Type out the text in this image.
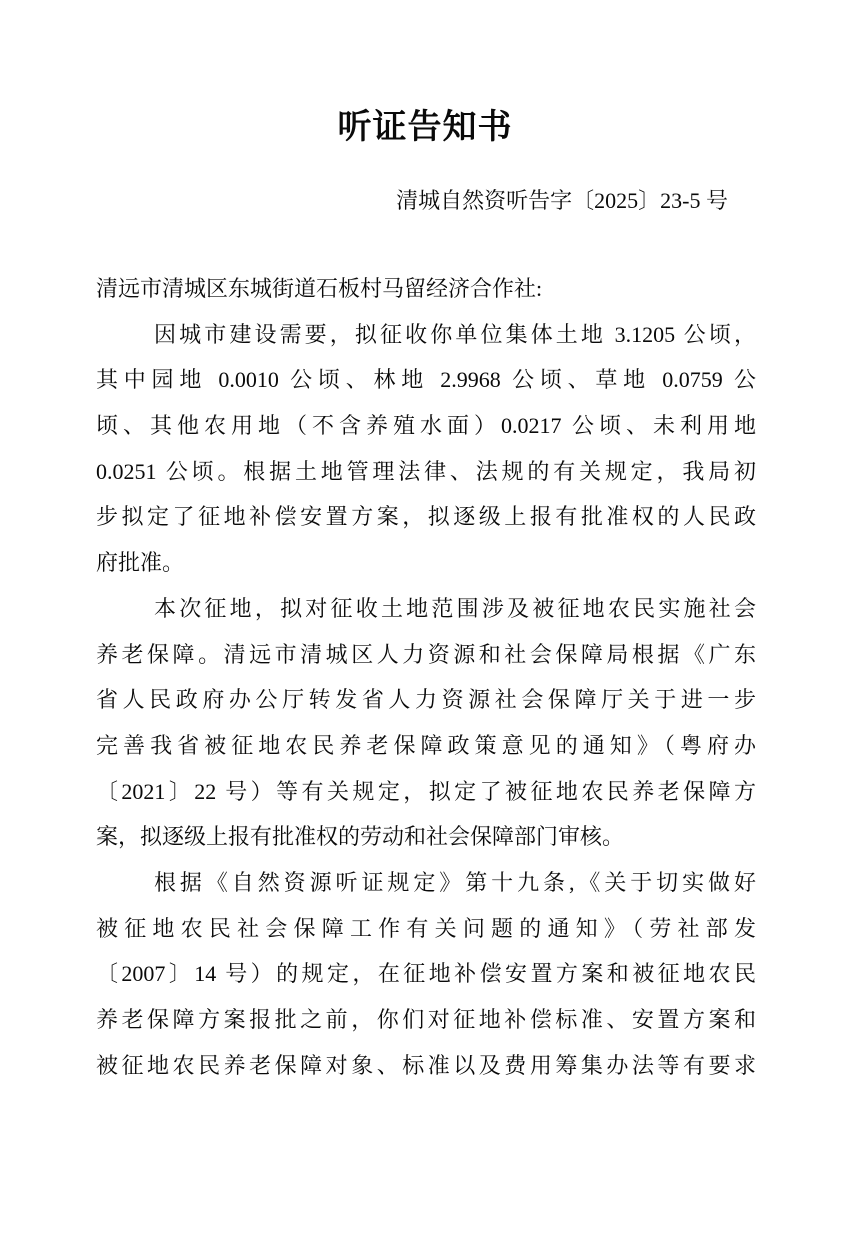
听证告知书
清城自然资听告字〔2025〕23-5 号
清远市清城区东城街道石板村马留经济合作社:
因城市建设需要，拟征收你单位集体土地 3.1205 公顷，
其中园地 0.0010 公顷、林地 2.9968 公顷、草地 0.0759 公
顷、其他农用地（不含养殖水面）0.0217 公顷、未利用地
0.0251 公顷。根据土地管理法律、法规的有关规定，我局初
步拟定了征地补偿安置方案，拟逐级上报有批准权的人民政
府批准。
本次征地，拟对征收土地范围涉及被征地农民实施社会
养老保障。清远市清城区人力资源和社会保障局根据《广东
省人民政府办公厅转发省人力资源社会保障厅关于进一步
完善我省被征地农民养老保障政策意见的通知》（粤府办
〔2021〕22 号）等有关规定，拟定了被征地农民养老保障方
案，拟逐级上报有批准权的劳动和社会保障部门审核。
根据《自然资源听证规定》第十九条,《关于切实做好
被征地农民社会保障工作有关问题的通知》（劳社部发
〔2007〕14 号）的规定，在征地补偿安置方案和被征地农民
养老保障方案报批之前，你们对征地补偿标准、安置方案和
被征地农民养老保障对象、标准以及费用筹集办法等有要求
